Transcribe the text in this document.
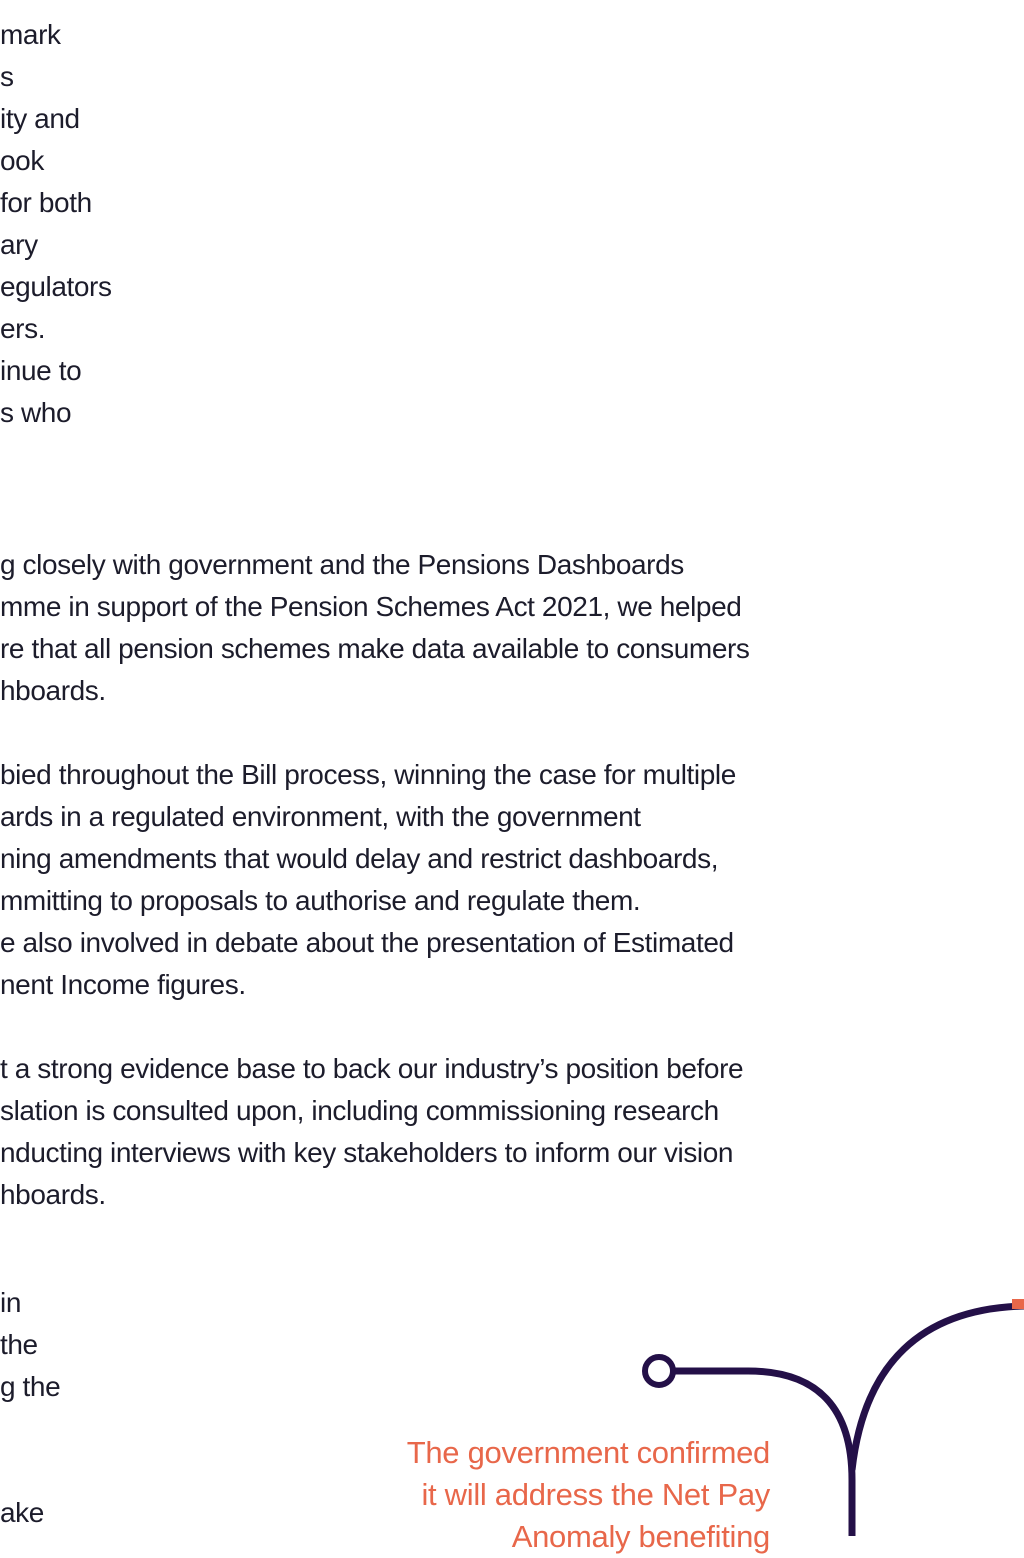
mark
s
ity and
ook
for both
ary
egulators
ers.
inue to
s who
g closely with government and the Pensions Dashboards
mme in support of the Pension Schemes Act 2021, we helped
re that all pension schemes make data available to consumers
hboards.
bied throughout the Bill process, winning the case for multiple
ards in a regulated environment, with the government
ning amendments that would delay and restrict dashboards,
mmitting to proposals to authorise and regulate them.
e also involved in debate about the presentation of Estimated
nent Income figures.
t a strong evidence base to back our industry’s position before
slation is consulted upon, including commissioning research
nducting interviews with key stakeholders to inform our vision
hboards.
in
the
g the
ake
The government confirmed
it will address the Net Pay
Anomaly benefiting
